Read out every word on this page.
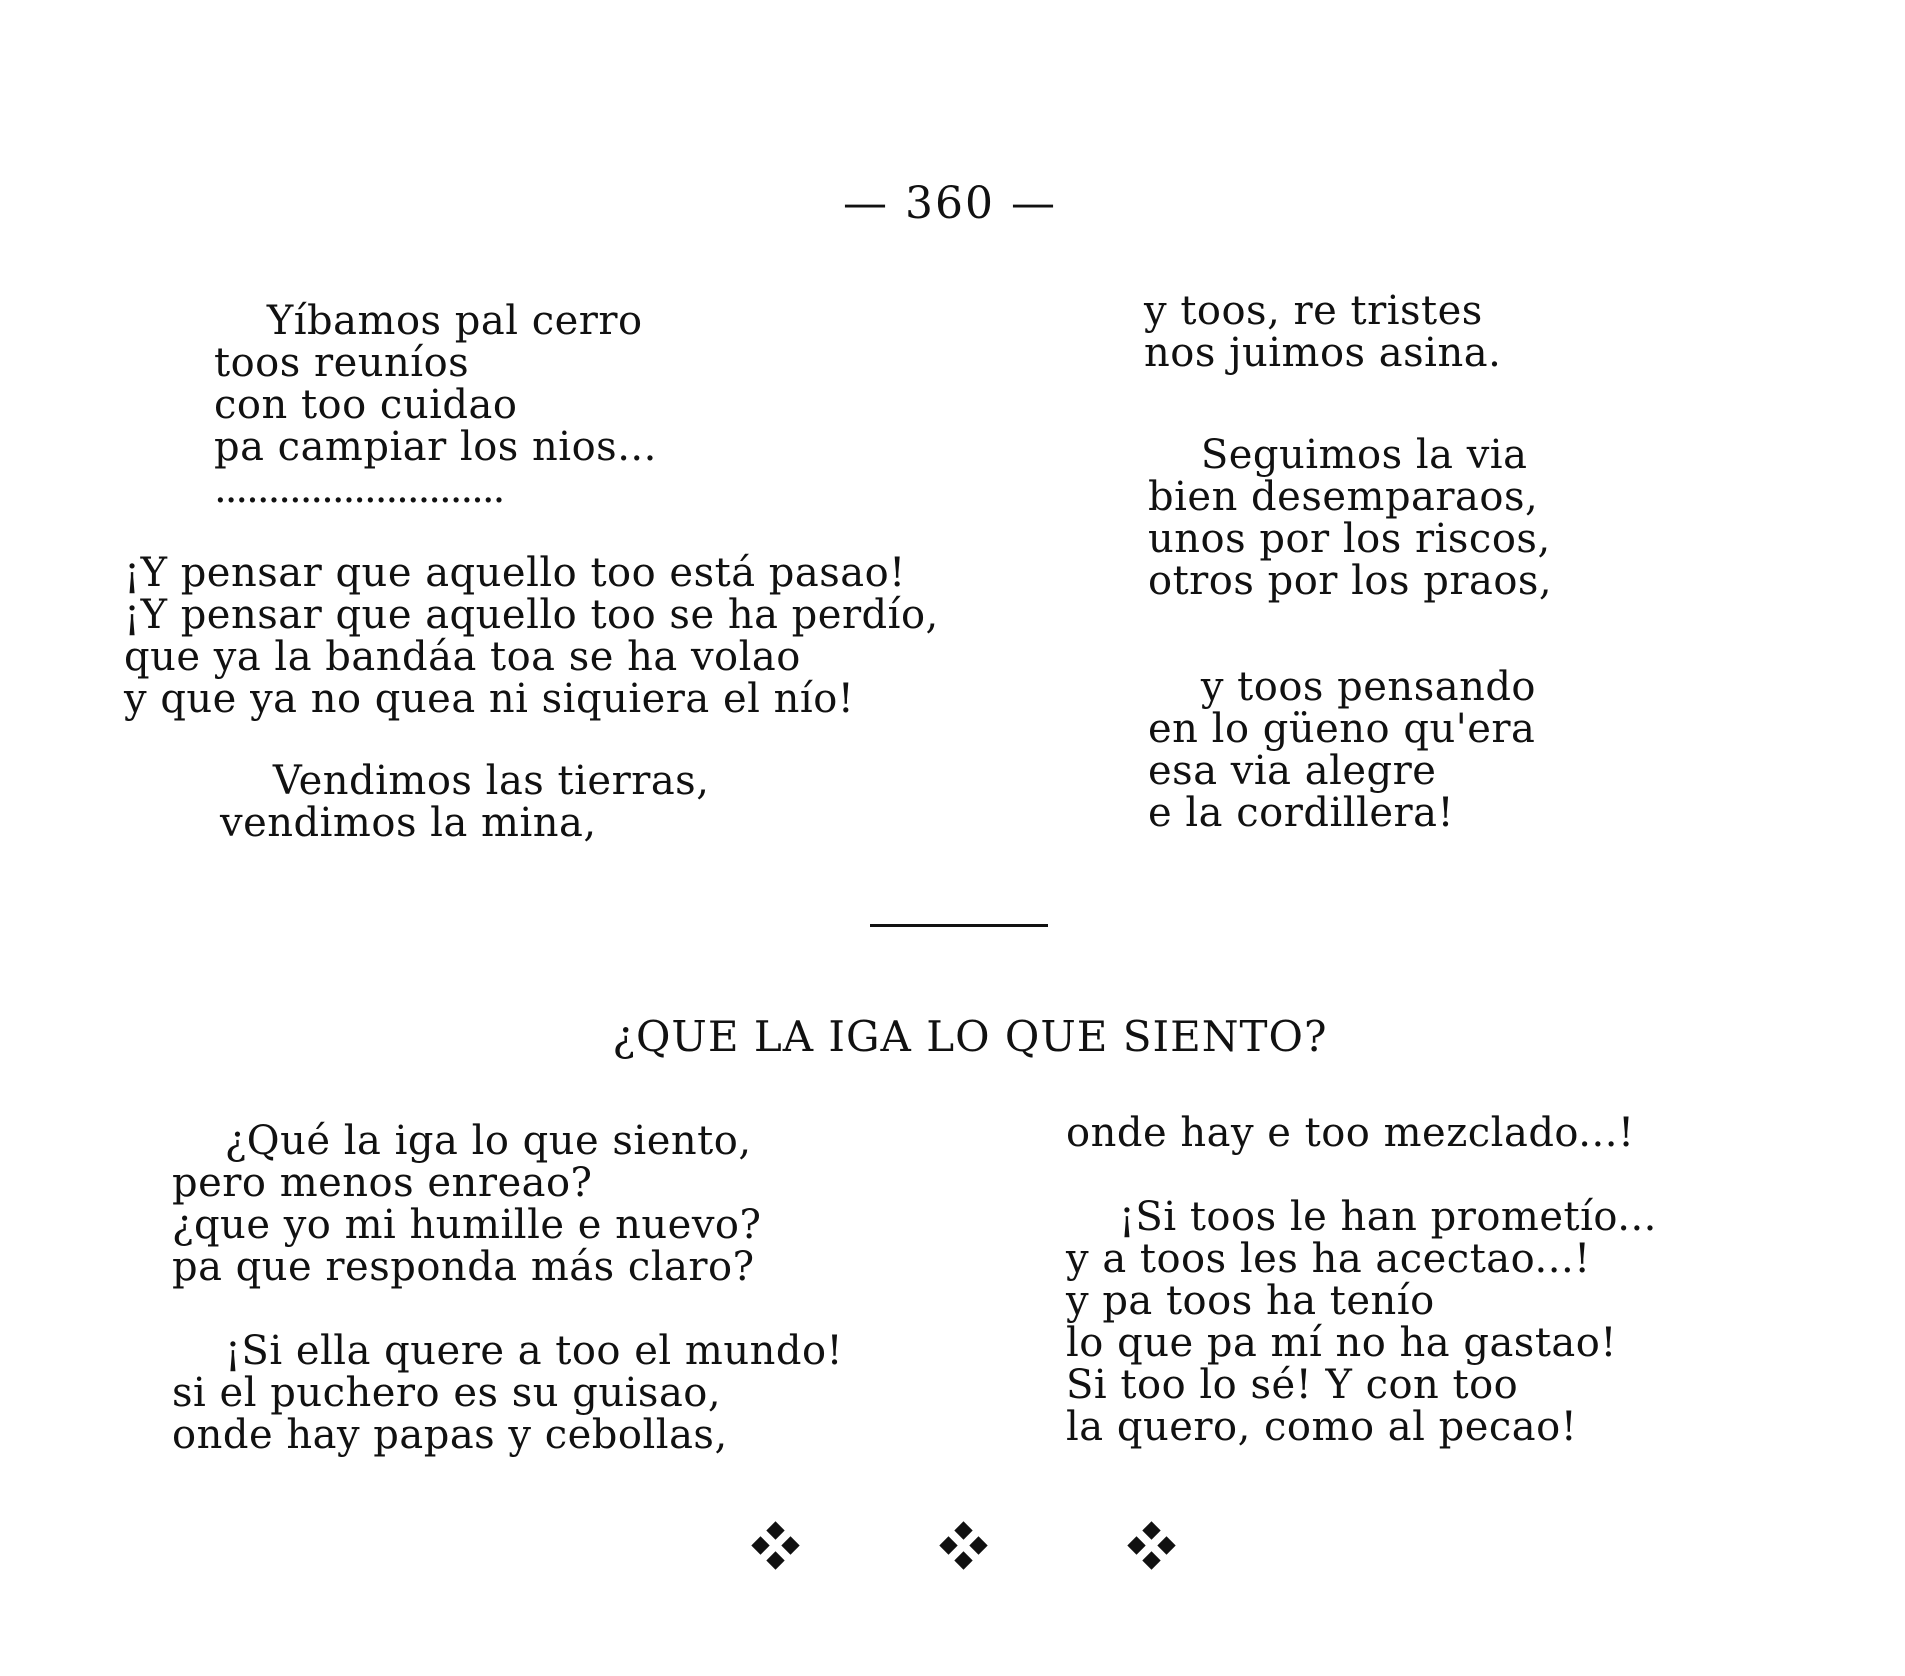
— 360 —
Yíbamos pal cerro
toos reuníos
con too cuidao
pa campiar los nios...
...........................
¡Y pensar que aquello too está pasao!
¡Y pensar que aquello too se ha perdío,
que ya la bandáa toa se ha volao
y que ya no quea ni siquiera el nío!
Vendimos las tierras,
vendimos la mina,
y toos, re tristes
nos juimos asina.
Seguimos la via
bien desemparaos,
unos por los riscos,
otros por los praos,
y toos pensando
en lo güeno qu'era
esa via alegre
e la cordillera!
¿QUE LA IGA LO QUE SIENTO?
¿Qué la iga lo que siento,
pero menos enreao?
¿que yo mi humille e nuevo?
pa que responda más claro?
¡Si ella quere a too el mundo!
si el puchero es su guisao,
onde hay papas y cebollas,
onde hay e too mezclado...!
¡Si toos le han prometío...
y a toos les ha acectao...!
y pa toos ha tenío
lo que pa mí no ha gastao!
Si too lo sé! Y con too
la quero, como al pecao!
